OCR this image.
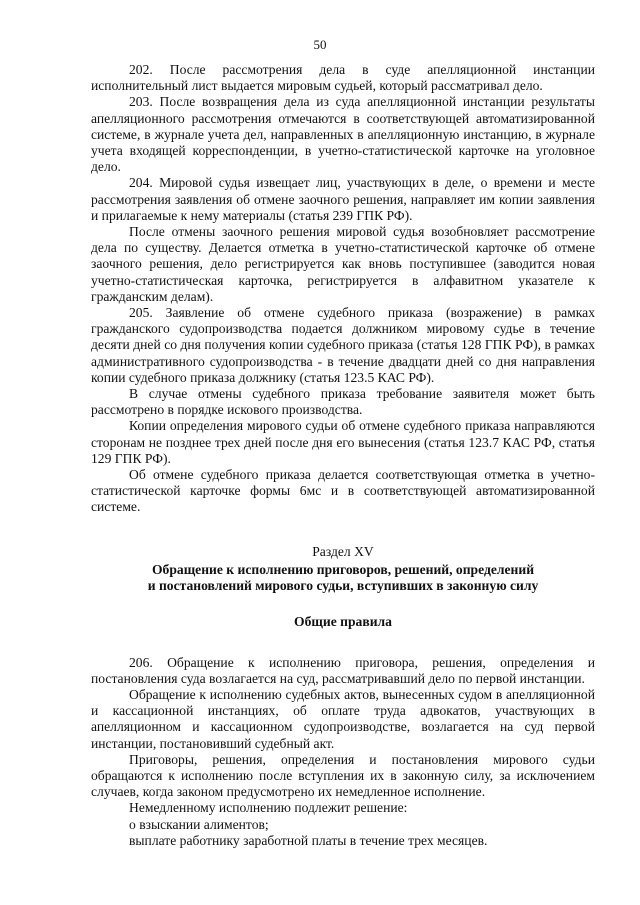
50

202. После рассмотрения дела в суде апелляционной инстанции исполнительный лист выдается мировым судьей, который рассматривал дело.

203. После возвращения дела из суда апелляционной инстанции результаты апелляционного рассмотрения отмечаются в соответствующей автоматизированной системе, в журнале учета дел, направленных в апелляционную инстанцию, в журнале учета входящей корреспонденции, в учетно-статистической карточке на уголовное дело.

204. Мировой судья извещает лиц, участвующих в деле, о времени и месте рассмотрения заявления об отмене заочного решения, направляет им копии заявления и прилагаемые к нему материалы (статья 239 ГПК РФ).

После отмены заочного решения мировой судья возобновляет рассмотрение дела по существу. Делается отметка в учетно-статистической карточке об отмене заочного решения, дело регистрируется как вновь поступившее (заводится новая учетно-статистическая карточка, регистрируется в алфавитном указателе к гражданским делам).

205. Заявление об отмене судебного приказа (возражение) в рамках гражданского судопроизводства подается должником мировому судье в течение десяти дней со дня получения копии судебного приказа (статья 128 ГПК РФ), в рамках административного судопроизводства - в течение двадцати дней со дня направления копии судебного приказа должнику (статья 123.5 КАС РФ).

В случае отмены судебного приказа требование заявителя может быть рассмотрено в порядке искового производства.

Копии определения мирового судьи об отмене судебного приказа направляются сторонам не позднее трех дней после дня его вынесения (статья 123.7 КАС РФ, статья 129 ГПК РФ).

Об отмене судебного приказа делается соответствующая отметка в учетно-статистической карточке формы 6мс и в соответствующей автоматизированной системе.

Раздел XV
Обращение к исполнению приговоров, решений, определений
и постановлений мирового судьи, вступивших в законную силу
Общие правила

206. Обращение к исполнению приговора, решения, определения и постановления суда возлагается на суд, рассматривавший дело по первой инстанции.

Обращение к исполнению судебных актов, вынесенных судом в апелляционной и кассационной инстанциях, об оплате труда адвокатов, участвующих в апелляционном и кассационном судопроизводстве, возлагается на суд первой инстанции, постановивший судебный акт.

Приговоры, решения, определения и постановления мирового судьи обращаются к исполнению после вступления их в законную силу, за исключением случаев, когда законом предусмотрено их немедленное исполнение.

Немедленному исполнению подлежит решение:

о взыскании алиментов;

выплате работнику заработной платы в течение трех месяцев.
